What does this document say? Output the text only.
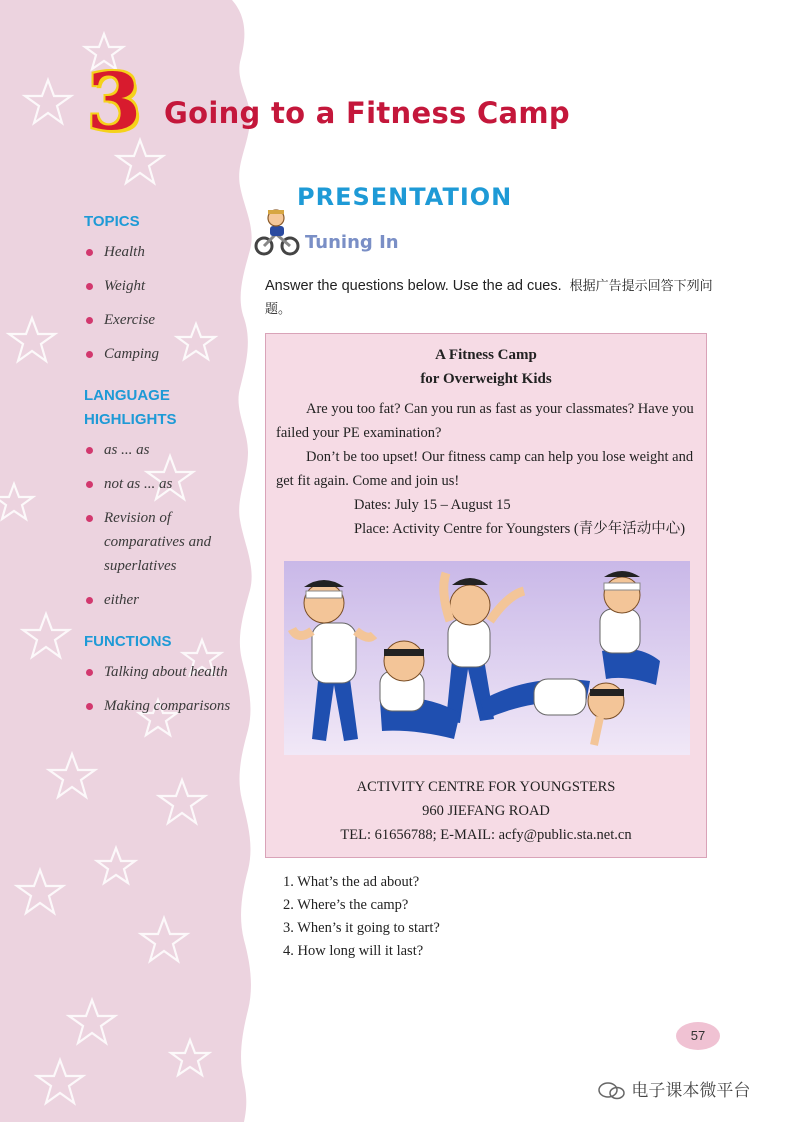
3 Going to a Fitness Camp

TOPICS

Health
Weight
Exercise
Camping

LANGUAGE HIGHLIGHTS

as ... as
not as ... as
Revision of comparatives and superlatives
either

FUNCTIONS

Talking about health
Making comparisons
PRESENTATION
Tuning In
Answer the questions below. Use the ad cues. 根据广告提示回答下列问题。
A Fitness Camp
for Overweight Kids

Are you too fat? Can you run as fast as your classmates? Have you failed your PE examination?

Don’t be too upset! Our fitness camp can help you lose weight and get fit again. Come and join us!

Dates: July 15 – August 15
Place: Activity Centre for Youngsters (青少年活动中心)
ACTIVITY CENTRE FOR YOUNGSTERS
960 JIEFANG ROAD
TEL: 61656788; E-MAIL: acfy@public.sta.net.cn
1. What’s the ad about?
2. Where’s the camp?
3. When’s it going to start?
4. How long will it last?
57
电子课本微平台
